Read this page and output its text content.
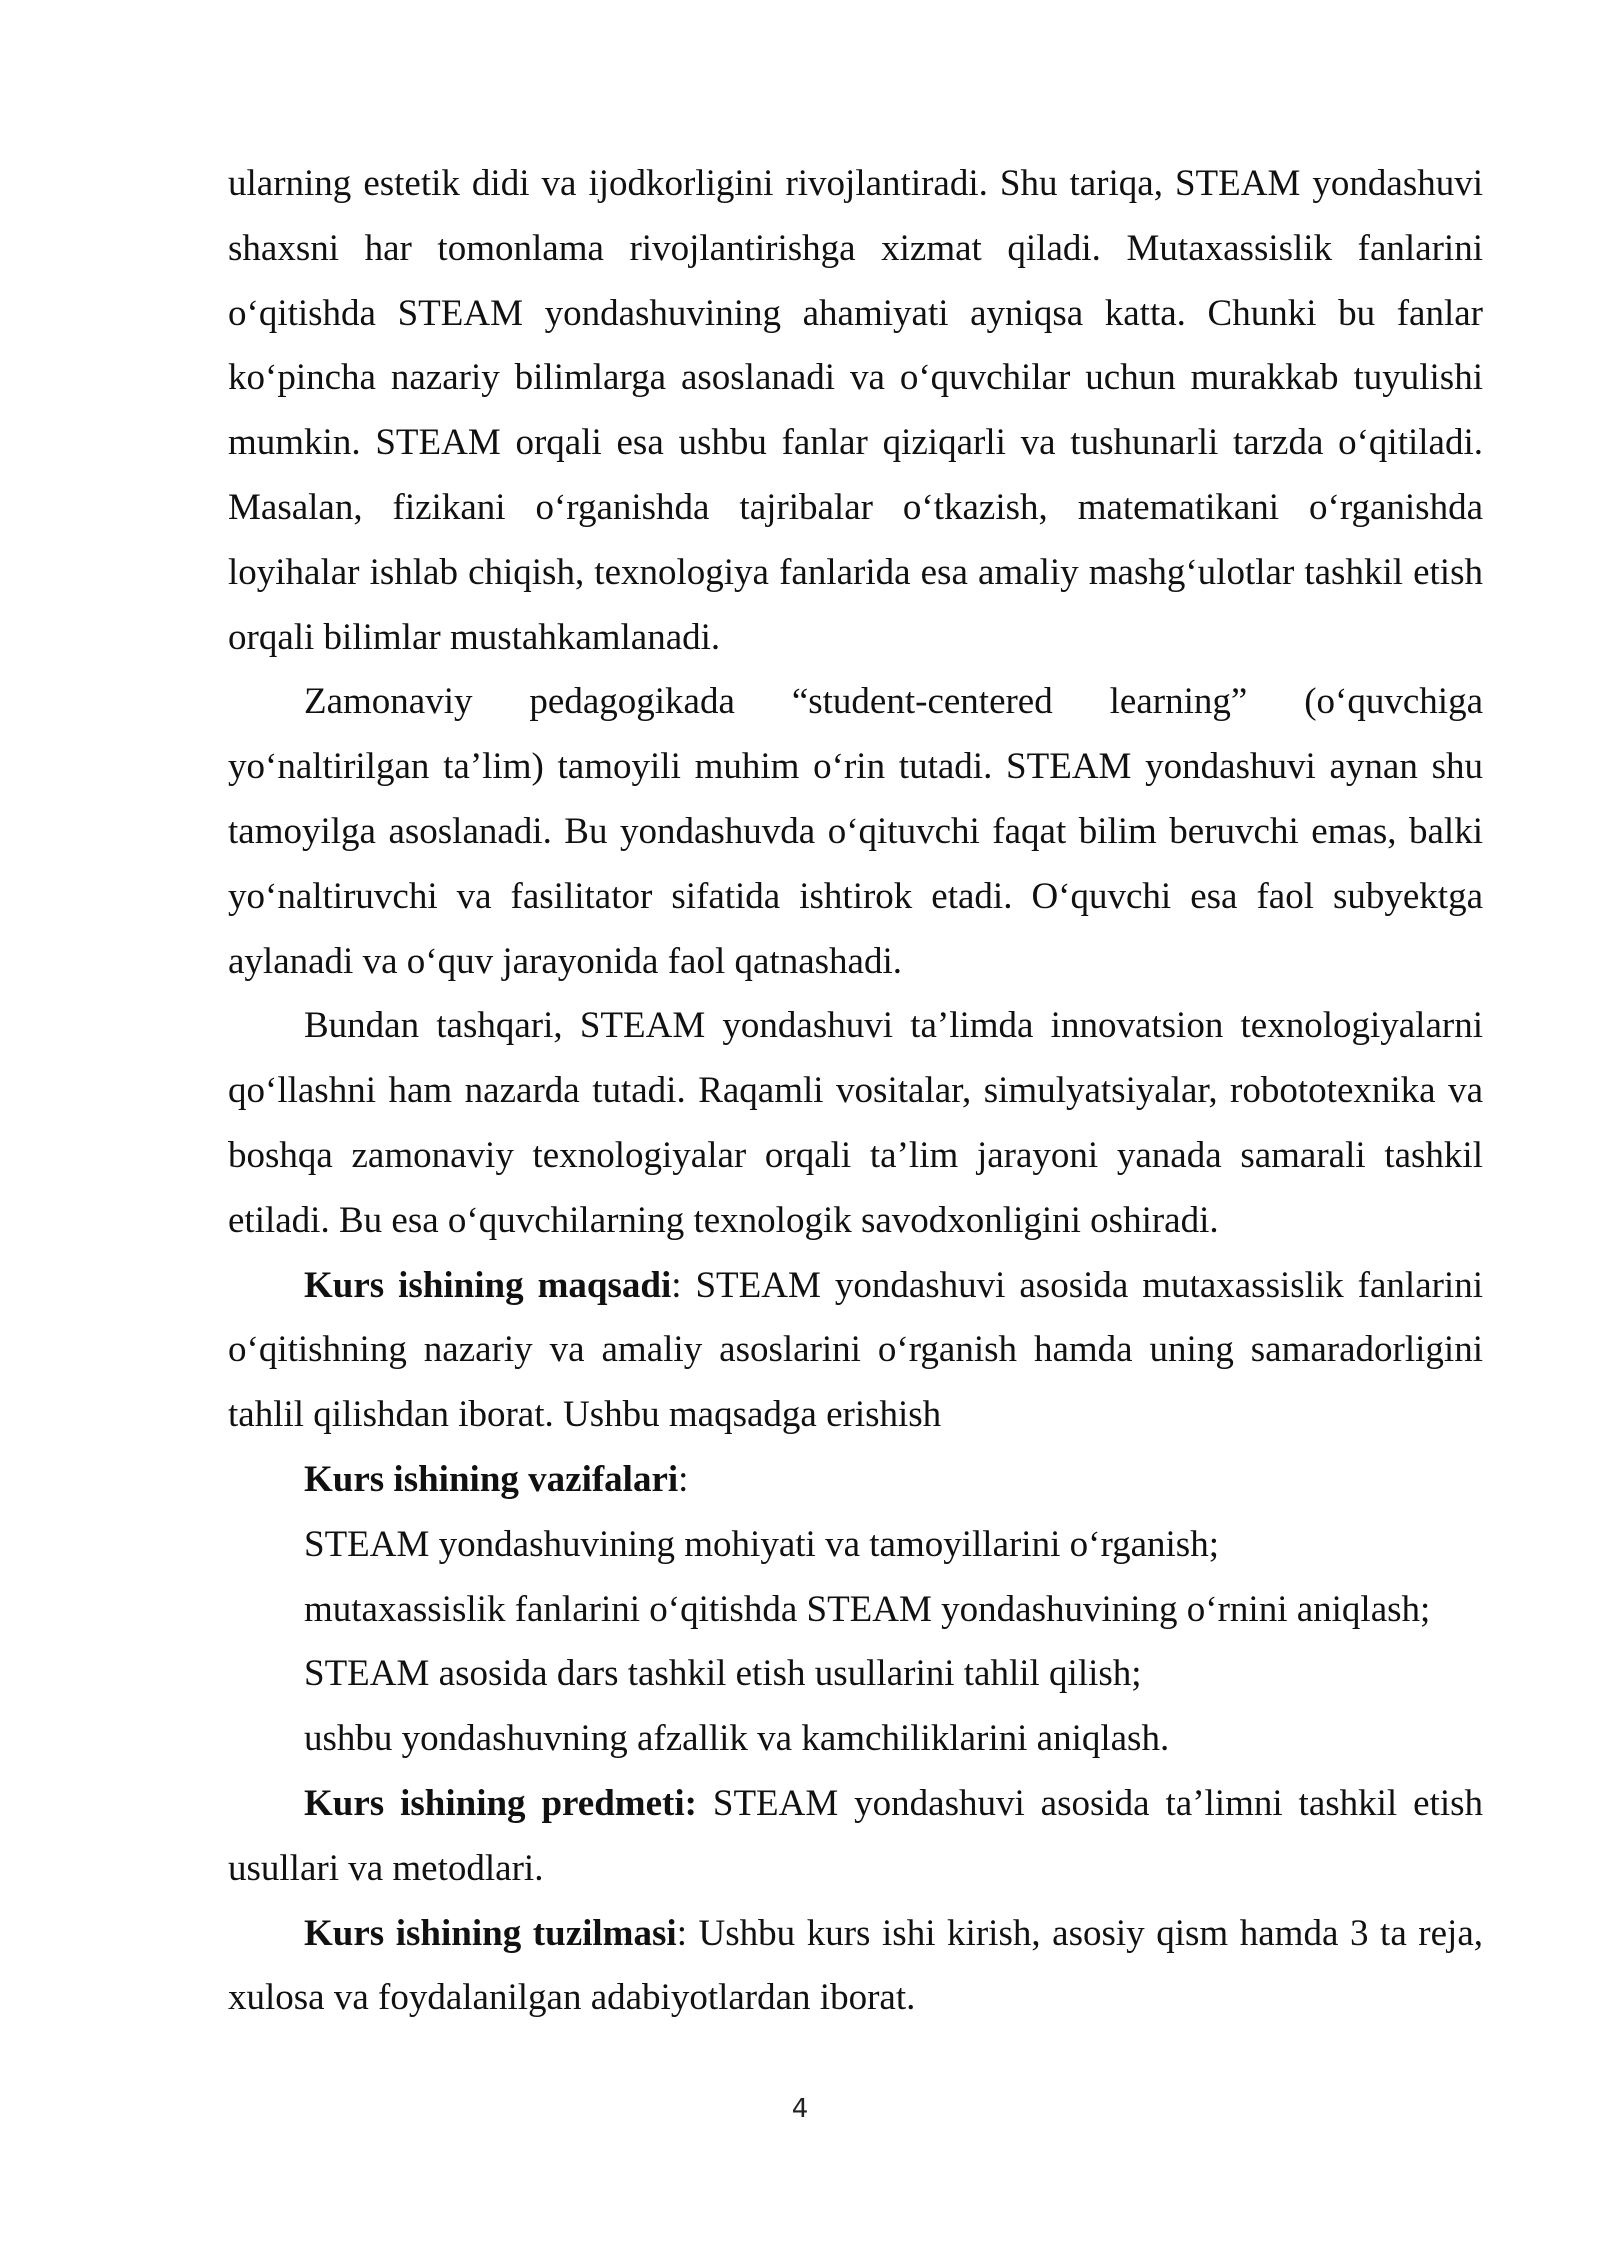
ularning estetik didi va ijodkorligini rivojlantiradi. Shu tariqa, STEAM yondashuvi shaxsni har tomonlama rivojlantirishga xizmat qiladi. Mutaxassislik fanlarini o‘qitishda STEAM yondashuvining ahamiyati ayniqsa katta. Chunki bu fanlar ko‘pincha nazariy bilimlarga asoslanadi va o‘quvchilar uchun murakkab tuyulishi mumkin. STEAM orqali esa ushbu fanlar qiziqarli va tushunarli tarzda o‘qitiladi. Masalan, fizikani o‘rganishda tajribalar o‘tkazish, matematikani o‘rganishda loyihalar ishlab chiqish, texnologiya fanlarida esa amaliy mashg‘ulotlar tashkil etish orqali bilimlar mustahkamlanadi.

Zamonaviy pedagogikada “student-centered learning” (o‘quvchiga yo‘naltirilgan ta’lim) tamoyili muhim o‘rin tutadi. STEAM yondashuvi aynan shu tamoyilga asoslanadi. Bu yondashuvda o‘qituvchi faqat bilim beruvchi emas, balki yo‘naltiruvchi va fasilitator sifatida ishtirok etadi. O‘quvchi esa faol subyektga aylanadi va o‘quv jarayonida faol qatnashadi.

Bundan tashqari, STEAM yondashuvi ta’limda innovatsion texnologiyalarni qo‘llashni ham nazarda tutadi. Raqamli vositalar, simulyatsiyalar, robototexnika va boshqa zamonaviy texnologiyalar orqali ta’lim jarayoni yanada samarali tashkil etiladi. Bu esa o‘quvchilarning texnologik savodxonligini oshiradi.

Kurs ishining maqsadi: STEAM yondashuvi asosida mutaxassislik fanlarini o‘qitishning nazariy va amaliy asoslarini o‘rganish hamda uning samaradorligini tahlil qilishdan iborat. Ushbu maqsadga erishish

Kurs ishining vazifalari:

STEAM yondashuvining mohiyati va tamoyillarini o‘rganish;

mutaxassislik fanlarini o‘qitishda STEAM yondashuvining o‘rnini aniqlash;

STEAM asosida dars tashkil etish usullarini tahlil qilish;

ushbu yondashuvning afzallik va kamchiliklarini aniqlash.

Kurs ishining predmeti: STEAM yondashuvi asosida ta’limni tashkil etish usullari va metodlari.

Kurs ishining tuzilmasi: Ushbu kurs ishi kirish, asosiy qism hamda 3 ta reja, xulosa va foydalanilgan adabiyotlardan iborat.

4
